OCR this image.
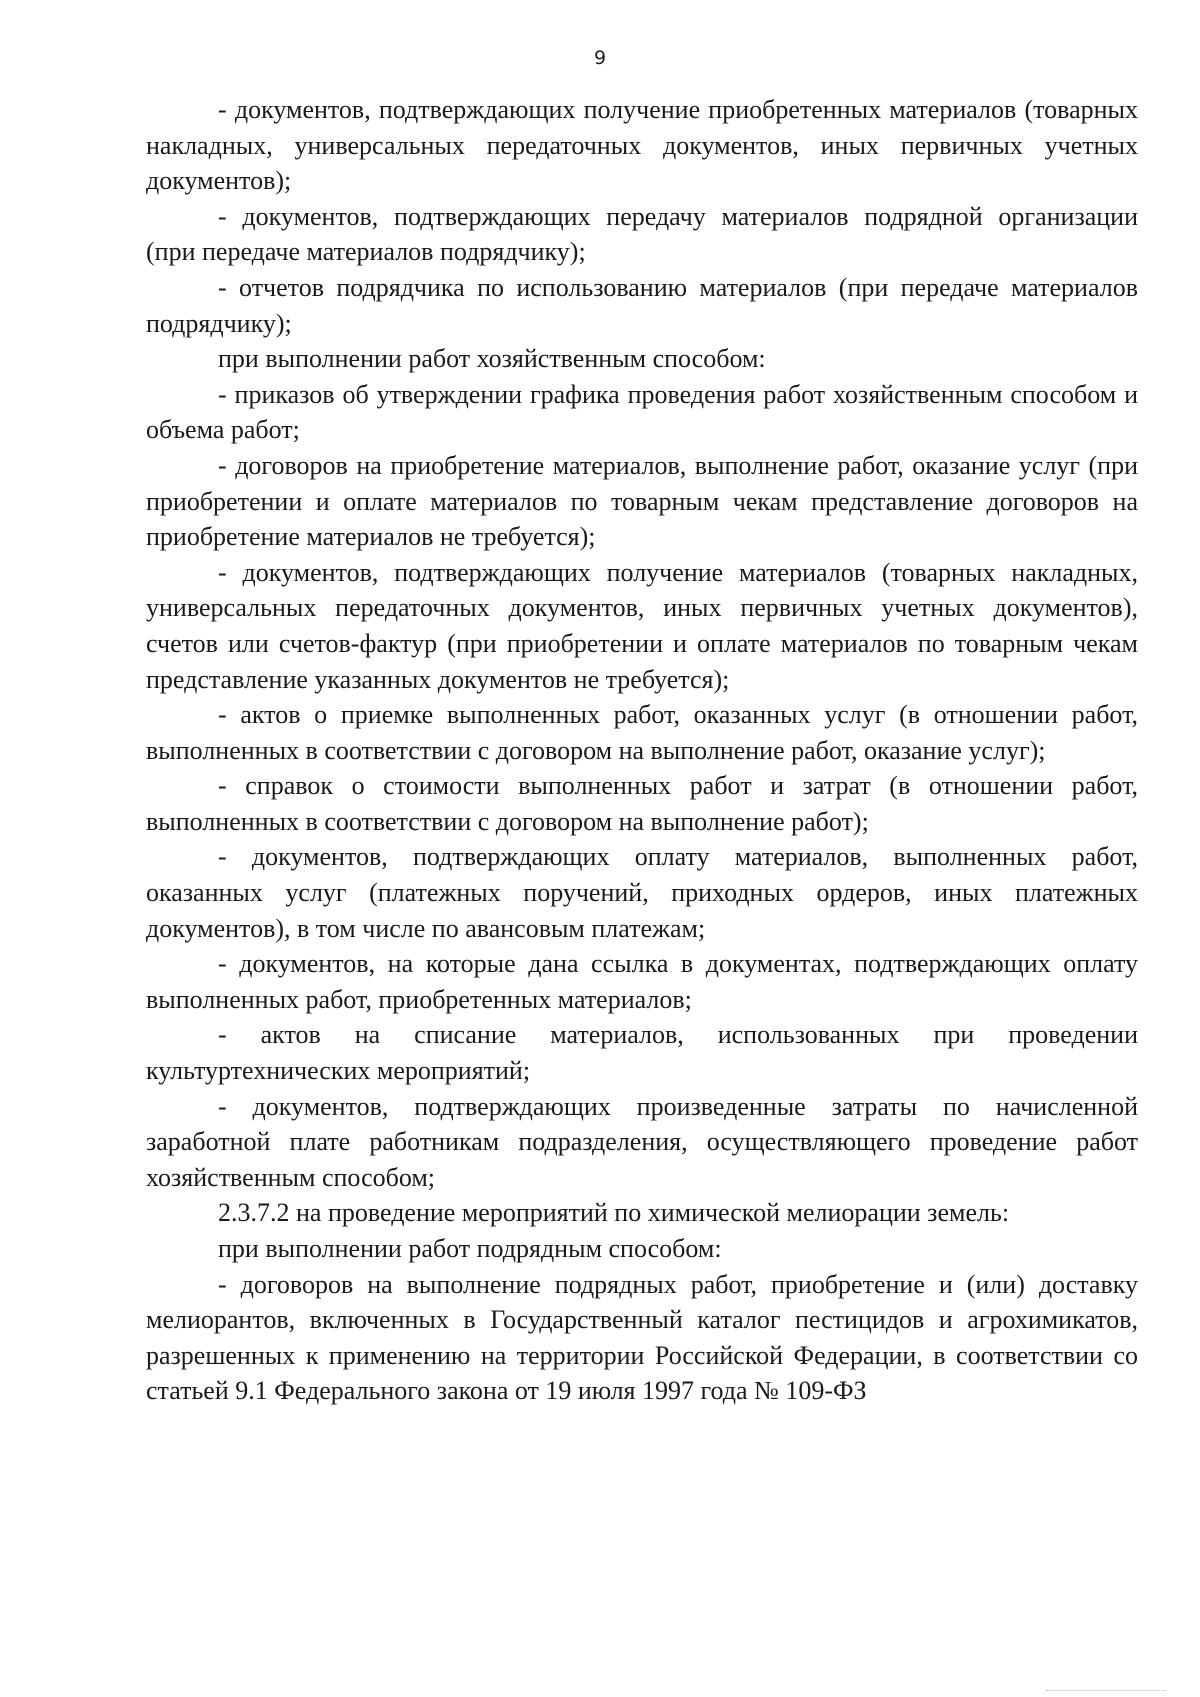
9

- документов, подтверждающих получение приобретенных материалов (товарных накладных, универсальных передаточных документов, иных первичных учетных документов);

- документов, подтверждающих передачу материалов подрядной организации (при передаче материалов подрядчику);

- отчетов подрядчика по использованию материалов (при передаче материалов подрядчику);

при выполнении работ хозяйственным способом:

- приказов об утверждении графика проведения работ хозяйственным способом и объема работ;

- договоров на приобретение материалов, выполнение работ, оказание услуг (при приобретении и оплате материалов по товарным чекам представление договоров на приобретение материалов не требуется);

- документов, подтверждающих получение материалов (товарных накладных, универсальных передаточных документов, иных первичных учетных документов), счетов или счетов-фактур (при приобретении и оплате материалов по товарным чекам представление указанных документов не требуется);

- актов о приемке выполненных работ, оказанных услуг (в отношении работ, выполненных в соответствии с договором на выполнение работ, оказание услуг);

- справок о стоимости выполненных работ и затрат (в отношении работ, выполненных в соответствии с договором на выполнение работ);

- документов, подтверждающих оплату материалов, выполненных работ, оказанных услуг (платежных поручений, приходных ордеров, иных платежных документов), в том числе по авансовым платежам;

- документов, на которые дана ссылка в документах, подтверждающих оплату выполненных работ, приобретенных материалов;

- актов на списание материалов, использованных при проведении культуртехнических мероприятий;

- документов, подтверждающих произведенные затраты по начисленной заработной плате работникам подразделения, осуществляющего проведение работ хозяйственным способом;

2.3.7.2 на проведение мероприятий по химической мелиорации земель:

при выполнении работ подрядным способом:

- договоров на выполнение подрядных работ, приобретение и (или) доставку мелиорантов, включенных в Государственный каталог пестицидов и агрохимикатов, разрешенных к применению на территории Российской Федерации, в соответствии со статьей 9.1 Федерального закона от 19 июля 1997 года № 109-ФЗ
